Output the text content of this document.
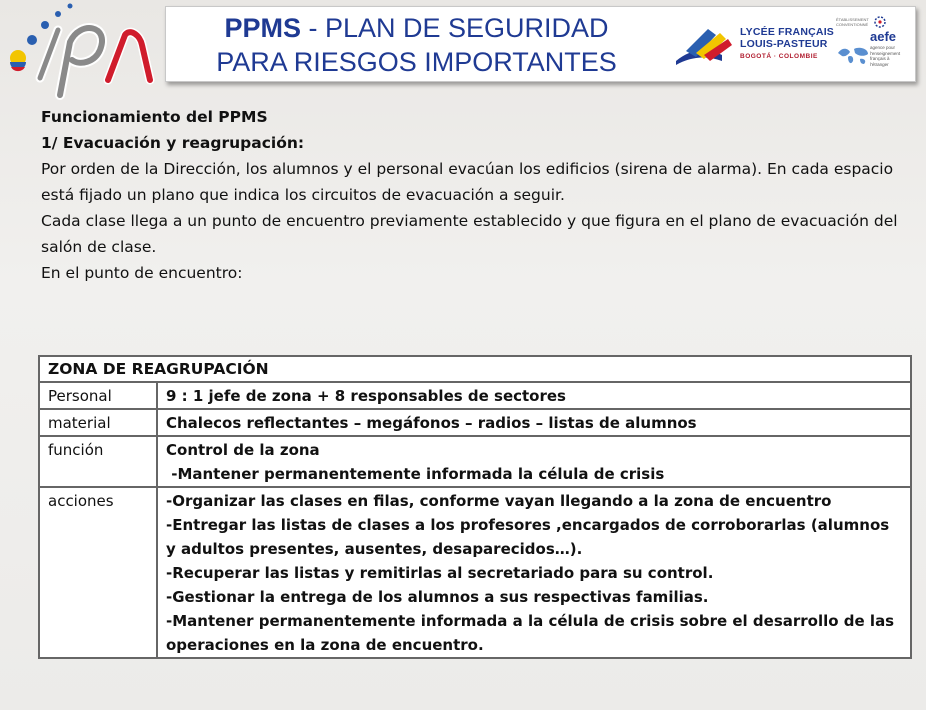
PPMS - PLAN DE SEGURIDAD
PARA RIESGOS IMPORTANTES
LYCÉE FRANÇAIS
LOUIS-PASTEUR
BOGOTÁ · COLOMBIE
ÉTABLISSEMENT CONVENTIONNÉ
aefe
agence pour l'enseignement français à l'étranger

Funcionamiento del PPMS

1/ Evacuación y reagrupación:

Por orden de la Dirección, los alumnos y el personal evacúan los edificios (sirena de alarma). En cada espacio está fijado un plano que indica los circuitos de evacuación a seguir.

Cada clase llega a un punto de encuentro previamente establecido y que figura en el plano de evacuación del salón de clase.

En el punto de encuentro:

ZONA DE REAGRUPACIÓN	
Personal	9 : 1 jefe de zona + 8 responsables de sectores
material	Chalecos reflectantes – megáfonos – radios – listas de alumnos
función	Control de la zona
-Mantener permanentemente informada la célula de crisis

acciones	-Organizar las clases en filas, conforme vayan llegando a la zona de encuentro
-Entregar las listas de clases a los profesores ,encargados de corroborarlas (alumnos y adultos presentes, ausentes, desaparecidos…).
-Recuperar las listas y remitirlas al secretariado para su control.
-Gestionar la entrega de los alumnos a sus respectivas familias.
-Mantener permanentemente informada a la célula de crisis sobre el desarrollo de las operaciones en la zona de encuentro.
